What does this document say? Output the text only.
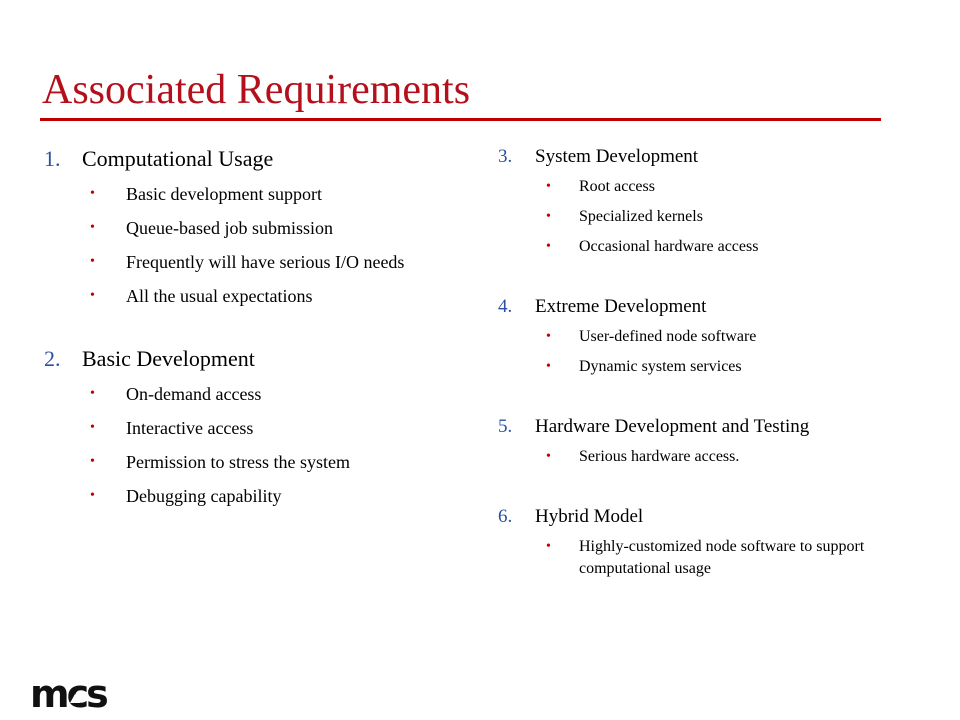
Associated Requirements
1. Computational Usage
• Basic development support
• Queue-based job submission
• Frequently will have serious I/O needs
• All the usual expectations
2. Basic Development
• On-demand access
• Interactive access
• Permission to stress the system
• Debugging capability
3.	System Development
• Root access
• Specialized kernels
• Occasional hardware access
4.	Extreme Development
• User-defined node software
• Dynamic system services
5.	Hardware Development and Testing
• Serious hardware access.
6.	Hybrid Model
• Highly-customized node software to support computational usage
mcs
